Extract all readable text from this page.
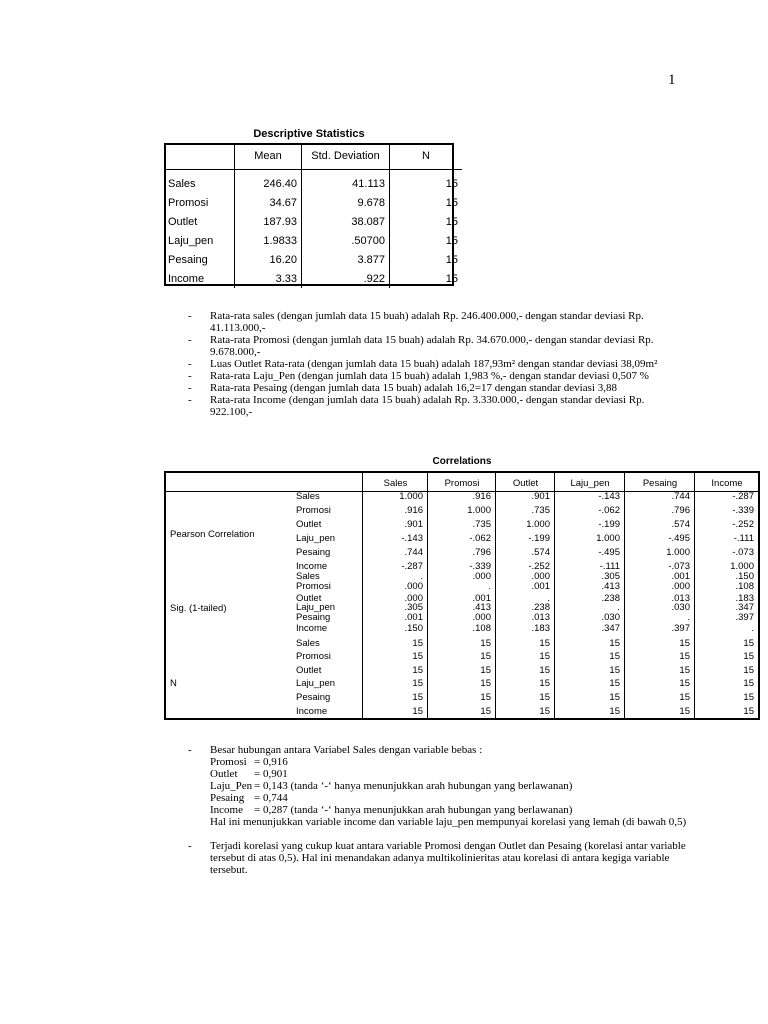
1
Descriptive Statistics
	Mean	Std. Deviation	N
Sales	246.40	41.113	15
Promosi	34.67	9.678	15
Outlet	187.93	38.087	15
Laju_pen	1.9833	.50700	15
Pesaing	16.20	3.877	15
Income	3.33	.922	15
- Rata-rata sales (dengan jumlah data 15 buah) adalah Rp. 246.400.000,- dengan standar deviasi Rp. 41.113.000,-
- Rata-rata Promosi (dengan jumlah data 15 buah) adalah Rp. 34.670.000,- dengan standar deviasi Rp. 9.678.000,-
- Luas Outlet Rata-rata (dengan jumlah data 15 buah) adalah 187,93m² dengan standar deviasi 38,09m²
- Rata-rata Laju_Pen (dengan jumlah data 15 buah) adalah 1,983 %,- dengan standar deviasi 0,507 %
- Rata-rata Pesaing (dengan jumlah data 15 buah) adalah 16,2=17 dengan standar deviasi 3,88
- Rata-rata Income (dengan jumlah data 15 buah) adalah Rp. 3.330.000,- dengan standar deviasi Rp. 922.100,-
Correlations
Sales	Promosi	Outlet	Laju_pen	Pesaing	Income
Pearson Correlation
Sales	1.000	.916	.901	-.143	.744	-.287
Promosi	.916	1.000	.735	-.062	.796	-.339
Outlet	.901	.735	1.000	-.199	.574	-.252
Laju_pen	-.143	-.062	-.199	1.000	-.495	-.111
Pesaing	.744	.796	.574	-.495	1.000	-.073
Income	-.287	-.339	-.252	-.111	-.073	1.000
Sig. (1-tailed)
Sales	.	.000	.000	.305	.001	.150
Promosi	.000	.	.001	.413	.000	.108
Outlet	.000	.001	.	.238	.013	.183
Laju_pen	.305	.413	.238	.	.030	.347
Pesaing	.001	.000	.013	.030	.	.397
Income	.150	.108	.183	.347	.397	.
N
Sales	15	15	15	15	15	15
Promosi	15	15	15	15	15	15
Outlet	15	15	15	15	15	15
Laju_pen	15	15	15	15	15	15
Pesaing	15	15	15	15	15	15
Income	15	15	15	15	15	15
- Besar hubungan antara Variabel Sales dengan variable bebas :
Promosi = 0,916
Outlet = 0,901
Laju_Pen = 0,143 (tanda ‘-‘ hanya menunjukkan arah hubungan yang berlawanan)
Pesaing = 0,744
Income = 0,287 (tanda ‘-‘ hanya menunjukkan arah hubungan yang berlawanan)
Hal ini menunjukkan variable income dan variable laju_pen mempunyai korelasi yang lemah (di bawah 0,5)
- Terjadi korelasi yang cukup kuat antara variable Promosi dengan Outlet dan Pesaing (korelasi antar variable tersebut di atas 0,5). Hal ini menandakan adanya multikolinieritas atau korelasi di antara kegiga variable tersebut.
